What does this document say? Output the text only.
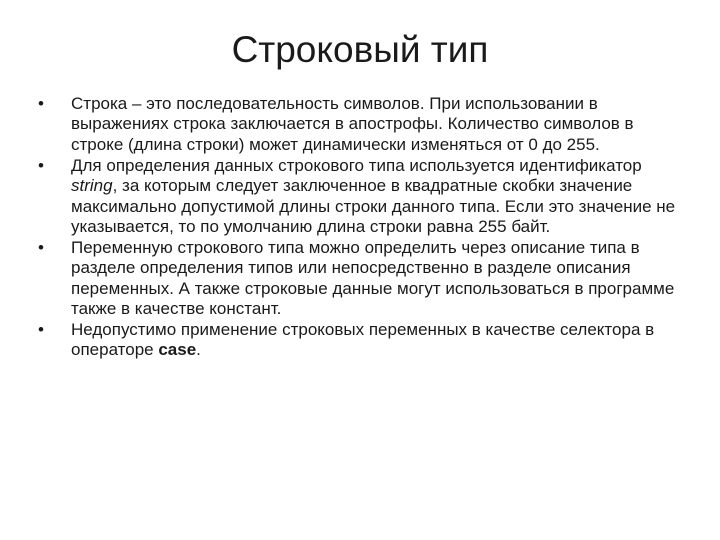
Строковый тип
•
Строка – это последовательность символов. При использовании в выражениях строка заключается в апострофы. Количество символов в строке (длина строки) может динамически изменяться от 0 до 255.
•
Для определения данных строкового типа используется идентификатор string, за которым следует заключенное в квадратные скобки значение максимально допустимой длины строки данного типа. Если это значение не указывается, то по умолчанию длина строки равна 255 байт.
•
Переменную строкового типа можно определить через описание типа в разделе определения типов или непосредственно в разделе описания переменных. А также строковые данные могут использоваться в программе также в качестве констант.
•
Недопустимо применение строковых переменных в качестве селектора в операторе case.
